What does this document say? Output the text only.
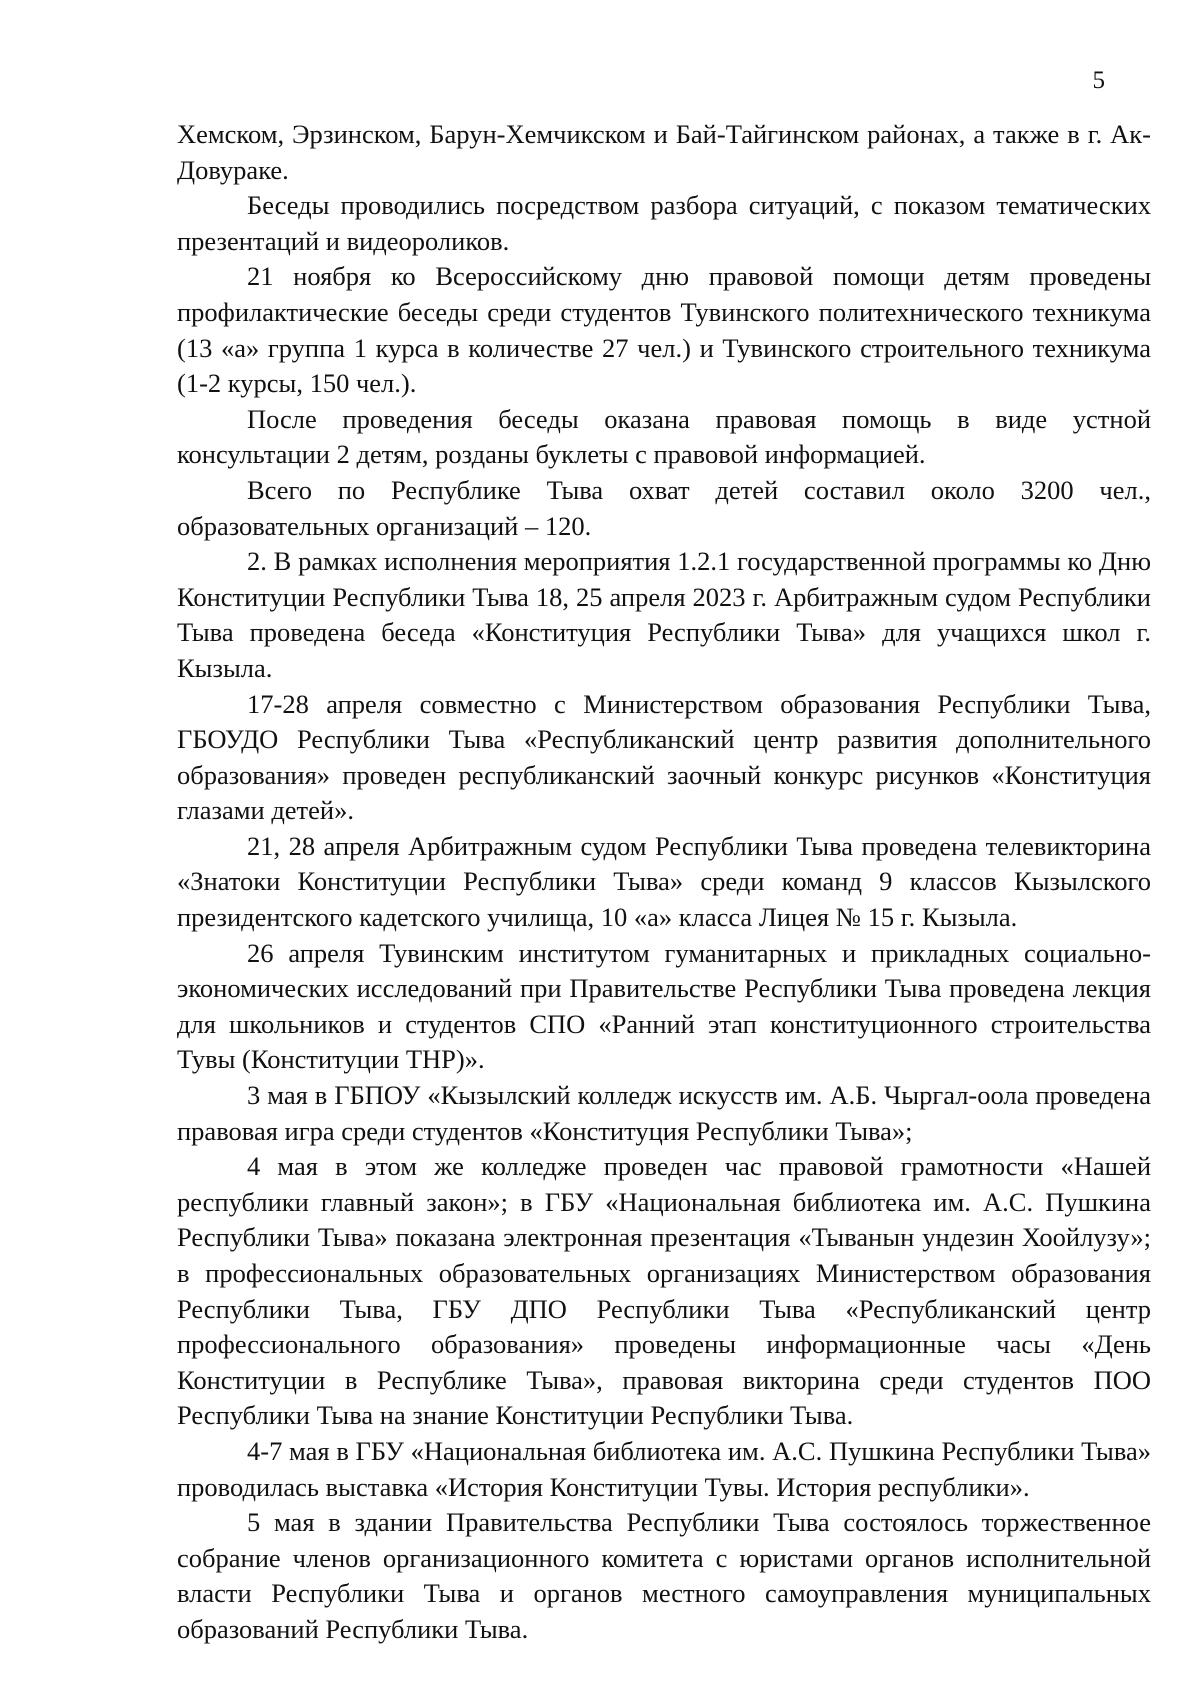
5

Хемском, Эрзинском, Барун-Хемчикском и Бай-Тайгинском районах, а также в г. Ак-Довураке.

Беседы проводились посредством разбора ситуаций, с показом тематических презентаций и видеороликов.

21 ноября ко Всероссийскому дню правовой помощи детям проведены профилактические беседы среди студентов Тувинского политехнического техникума (13 «а» группа 1 курса в количестве 27 чел.) и Тувинского строительного техникума (1-2 курсы, 150 чел.).

После проведения беседы оказана правовая помощь в виде устной консультации 2 детям, розданы буклеты с правовой информацией.

Всего по Республике Тыва охват детей составил около 3200 чел., образовательных организаций – 120.

2. В рамках исполнения мероприятия 1.2.1 государственной программы ко Дню Конституции Республики Тыва 18, 25 апреля 2023 г. Арбитражным судом Республики Тыва проведена беседа «Конституция Республики Тыва» для учащихся школ г. Кызыла.

17-28 апреля совместно с Министерством образования Республики Тыва, ГБОУДО Республики Тыва «Республиканский центр развития дополнительного образования» проведен республиканский заочный конкурс рисунков «Конституция глазами детей».

21, 28 апреля Арбитражным судом Республики Тыва проведена телевикторина «Знатоки Конституции Республики Тыва» среди команд 9 классов Кызылского президентского кадетского училища, 10 «а» класса Лицея № 15 г. Кызыла.

26 апреля Тувинским институтом гуманитарных и прикладных социально-экономических исследований при Правительстве Республики Тыва проведена лекция для школьников и студентов СПО «Ранний этап конституционного строительства Тувы (Конституции ТНР)».

3 мая в ГБПОУ «Кызылский колледж искусств им. А.Б. Чыргал-оола проведена правовая игра среди студентов «Конституция Республики Тыва»;

4 мая в этом же колледже проведен час правовой грамотности «Нашей республики главный закон»; в ГБУ «Национальная библиотека им. А.С. Пушкина Республики Тыва» показана электронная презентация «Тыванын ундезин Хоойлузу»; в профессиональных образовательных организациях Министерством образования Республики Тыва, ГБУ ДПО Республики Тыва «Республиканский центр профессионального образования» проведены информационные часы «День Конституции в Республике Тыва», правовая викторина среди студентов ПОО Республики Тыва на знание Конституции Республики Тыва.

4-7 мая в ГБУ «Национальная библиотека им. А.С. Пушкина Республики Тыва» проводилась выставка «История Конституции Тувы. История республики».

5 мая в здании Правительства Республики Тыва состоялось торжественное собрание членов организационного комитета с юристами органов исполнительной власти Республики Тыва и органов местного самоуправления муниципальных образований Республики Тыва.
